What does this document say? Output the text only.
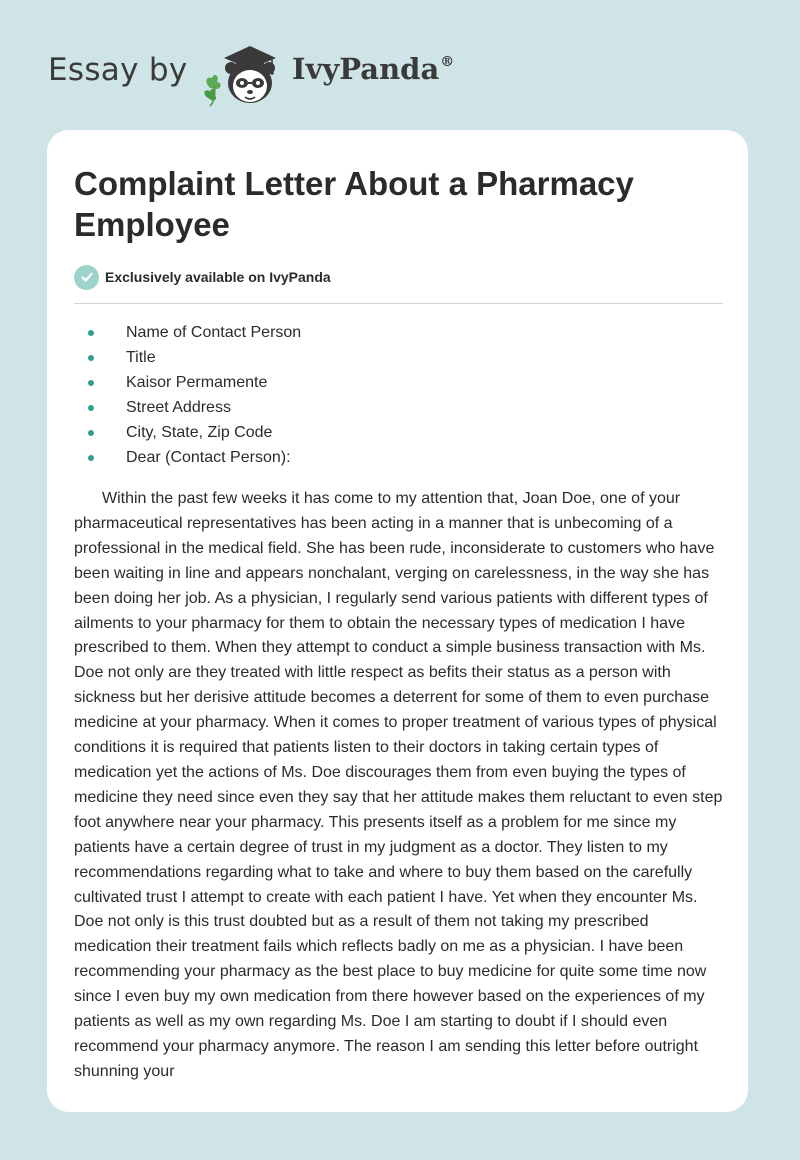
Essay by	IvyPanda®
Complaint Letter About a Pharmacy Employee
Exclusively available on IvyPanda
Name of Contact Person
Title
Kaisor Permamente
Street Address
City, State, Zip Code
Dear (Contact Person):

Within the past few weeks it has come to my attention that, Joan Doe, one of your pharmaceutical representatives has been acting in a manner that is unbecoming of a professional in the medical field. She has been rude, inconsiderate to customers who have been waiting in line and appears nonchalant, verging on carelessness, in the way she has been doing her job. As a physician, I regularly send various patients with different types of ailments to your pharmacy for them to obtain the necessary types of medication I have prescribed to them. When they attempt to conduct a simple business transaction with Ms. Doe not only are they treated with little respect as befits their status as a person with sickness but her derisive attitude becomes a deterrent for some of them to even purchase medicine at your pharmacy. When it comes to proper treatment of various types of physical conditions it is required that patients listen to their doctors in taking certain types of medication yet the actions of Ms. Doe discourages them from even buying the types of medicine they need since even they say that her attitude makes them reluctant to even step foot anywhere near your pharmacy. This presents itself as a problem for me since my patients have a certain degree of trust in my judgment as a doctor. They listen to my recommendations regarding what to take and where to buy them based on the carefully cultivated trust I attempt to create with each patient I have. Yet when they encounter Ms. Doe not only is this trust doubted but as a result of them not taking my prescribed medication their treatment fails which reflects badly on me as a physician. I have been recommending your pharmacy as the best place to buy medicine for quite some time now since I even buy my own medication from there however based on the experiences of my patients as well as my own regarding Ms. Doe I am starting to doubt if I should even recommend your pharmacy anymore. The reason I am sending this letter before outright shunning your
